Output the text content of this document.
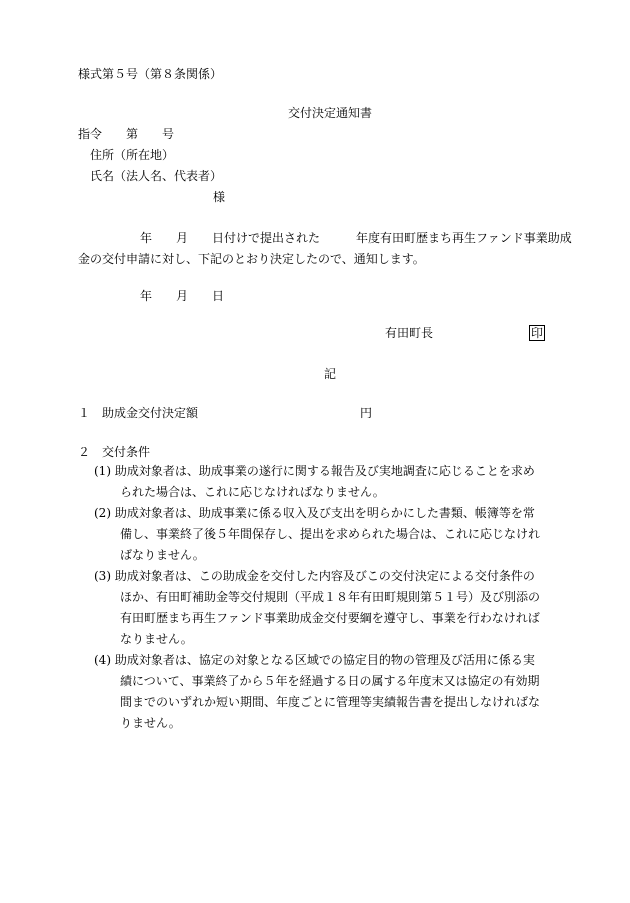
様式第５号（第８条関係）
交付決定通知書
指令 第 号
住所（所在地）
氏名（法人名、代表者）
様
年　　月　　日付けで提出された　　　年度有田町歴まち再生ファンド事業助成
金の交付申請に対し、下記のとおり決定したので、通知します。
年 月 日
有田町長	印
記
１　助成金交付決定額	円
２　交付条件
(1) 助成対象者は、助成事業の遂行に関する報告及び実地調査に応じることを求め
られた場合は、これに応じなければなりません。
(2) 助成対象者は、助成事業に係る収入及び支出を明らかにした書類、帳簿等を常
備し、事業終了後５年間保存し、提出を求められた場合は、これに応じなけれ
ばなりません。
(3) 助成対象者は、この助成金を交付した内容及びこの交付決定による交付条件の
ほか、有田町補助金等交付規則（平成１８年有田町規則第５１号）及び別添の
有田町歴まち再生ファンド事業助成金交付要綱を遵守し、事業を行わなければ
なりません。
(4) 助成対象者は、協定の対象となる区域での協定目的物の管理及び活用に係る実
績について、事業終了から５年を経過する日の属する年度末又は協定の有効期
間までのいずれか短い期間、年度ごとに管理等実績報告書を提出しなければな
りません。
